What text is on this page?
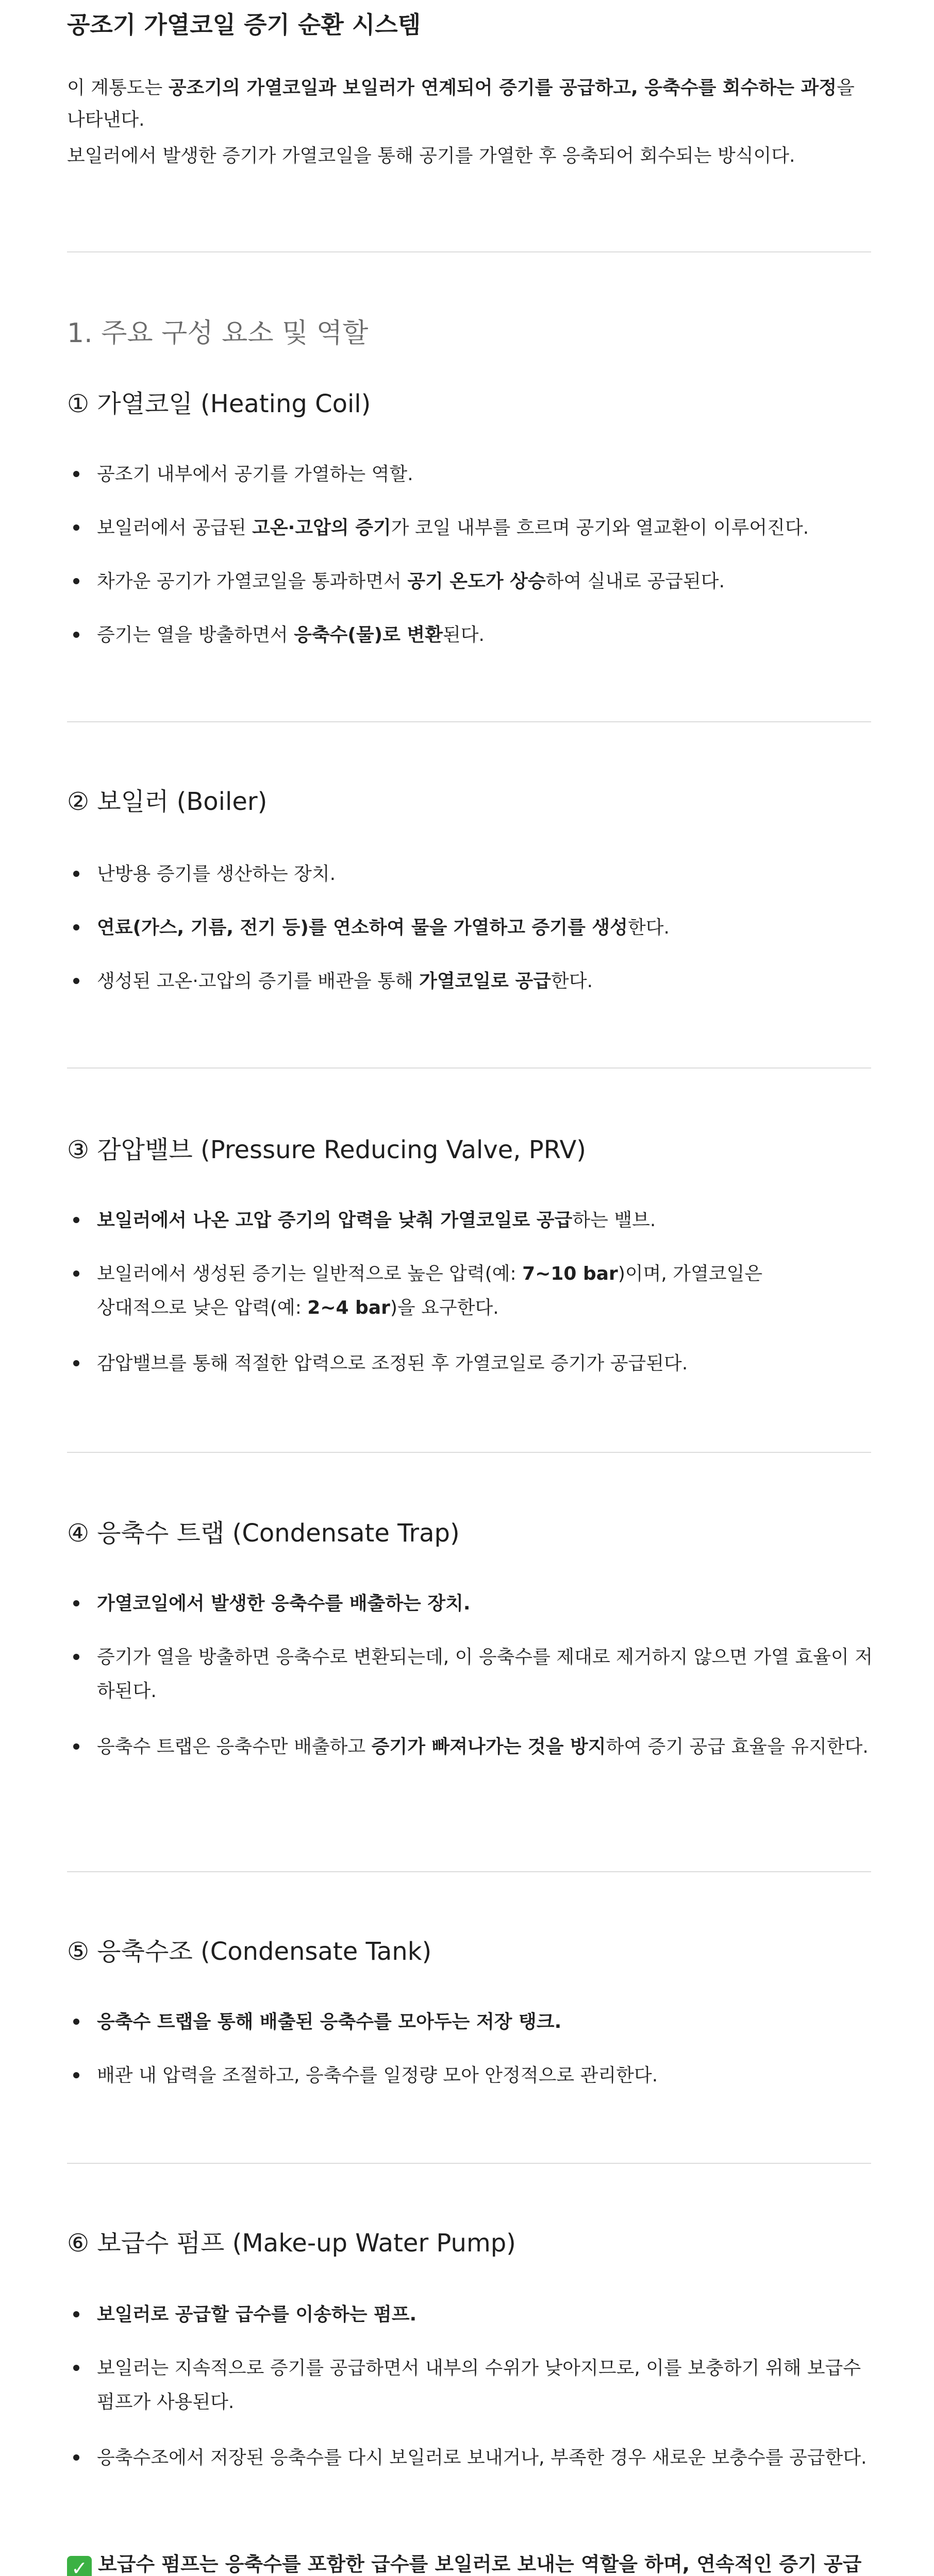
공조기 가열코일 증기 순환 시스템
이 계통도는 공조기의 가열코일과 보일러가 연계되어 증기를 공급하고, 응축수를 회수하는 과정을 나타낸다.
보일러에서 발생한 증기가 가열코일을 통해 공기를 가열한 후 응축되어 회수되는 방식이다.
1. 주요 구성 요소 및 역할
① 가열코일 (Heating Coil)
공조기 내부에서 공기를 가열하는 역할.
보일러에서 공급된 고온·고압의 증기가 코일 내부를 흐르며 공기와 열교환이 이루어진다.
차가운 공기가 가열코일을 통과하면서 공기 온도가 상승하여 실내로 공급된다.
증기는 열을 방출하면서 응축수(물)로 변환된다.
② 보일러 (Boiler)
난방용 증기를 생산하는 장치.
연료(가스, 기름, 전기 등)를 연소하여 물을 가열하고 증기를 생성한다.
생성된 고온·고압의 증기를 배관을 통해 가열코일로 공급한다.
③ 감압밸브 (Pressure Reducing Valve, PRV)
보일러에서 나온 고압 증기의 압력을 낮춰 가열코일로 공급하는 밸브.
보일러에서 생성된 증기는 일반적으로 높은 압력(예: 7~10 bar)이며, 가열코일은
상대적으로 낮은 압력(예: 2~4 bar)을 요구한다.
감압밸브를 통해 적절한 압력으로 조정된 후 가열코일로 증기가 공급된다.
④ 응축수 트랩 (Condensate Trap)
가열코일에서 발생한 응축수를 배출하는 장치.
증기가 열을 방출하면 응축수로 변환되는데, 이 응축수를 제대로 제거하지 않으면 가열 효율이 저하된다.
응축수 트랩은 응축수만 배출하고 증기가 빠져나가는 것을 방지하여 증기 공급 효율을 유지한다.
⑤ 응축수조 (Condensate Tank)
응축수 트랩을 통해 배출된 응축수를 모아두는 저장 탱크.
배관 내 압력을 조절하고, 응축수를 일정량 모아 안정적으로 관리한다.
⑥ 보급수 펌프 (Make-up Water Pump)
보일러로 공급할 급수를 이송하는 펌프.
보일러는 지속적으로 증기를 공급하면서 내부의 수위가 낮아지므로, 이를 보충하기 위해 보급수 펌프가 사용된다.
응축수조에서 저장된 응축수를 다시 보일러로 보내거나, 부족한 경우 새로운 보충수를 공급한다.
✓ 보급수 펌프는 응축수를 포함한 급수를 보일러로 보내는 역할을 하며, 연속적인 증기 공급
